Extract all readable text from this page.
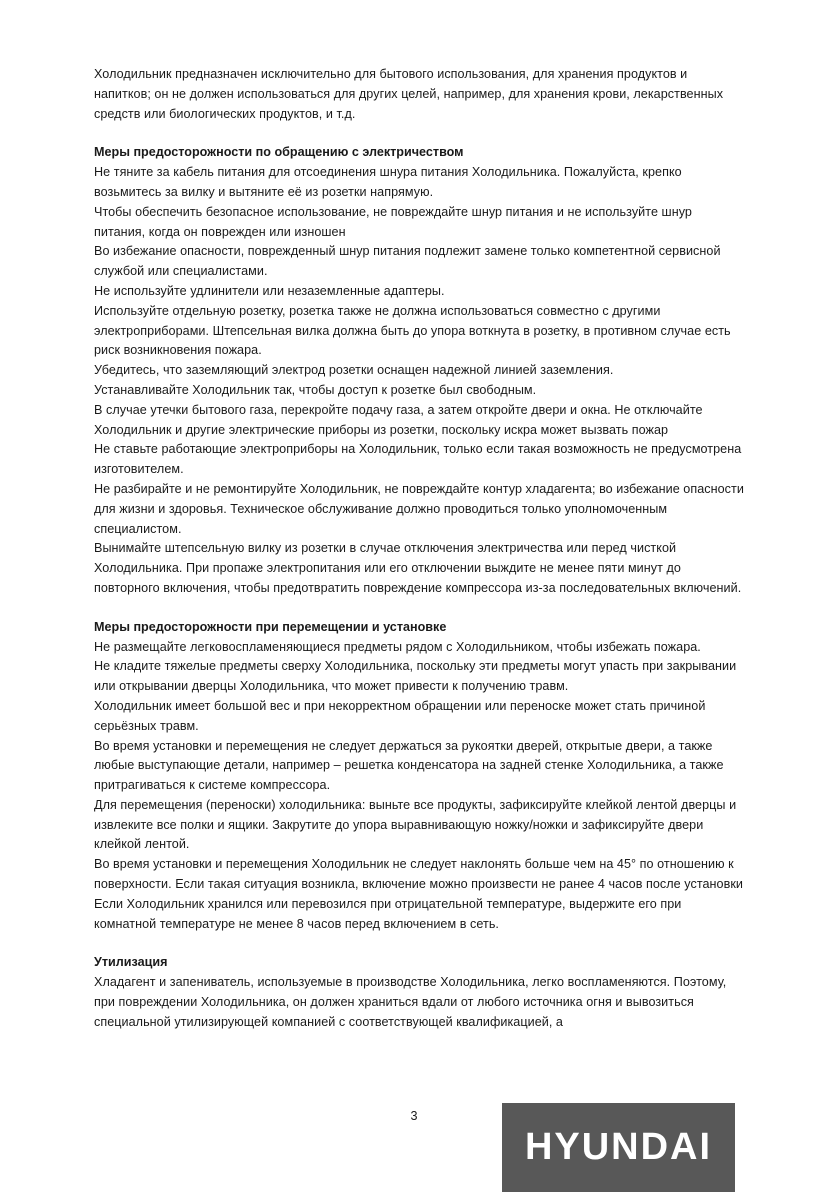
Холодильник предназначен исключительно для бытового использования, для хранения продуктов и напитков; он не должен использоваться для других целей, например, для хранения крови, лекарственных средств или биологических продуктов, и т.д.

Меры предосторожности по обращению с электричеством

Не тяните за кабель питания для отсоединения шнура питания Холодильника. Пожалуйста, крепко возьмитесь за вилку и вытяните её из розетки напрямую.

Чтобы обеспечить безопасное использование, не повреждайте шнур питания и не используйте шнур питания, когда он поврежден или изношен

Во избежание опасности, поврежденный шнур питания подлежит замене только компетентной сервисной службой или специалистами.

Не используйте удлинители или незаземленные адаптеры.

Используйте отдельную розетку, розетка также не должна использоваться совместно с другими электроприборами. Штепсельная вилка должна быть до упора воткнута в розетку, в противном случае есть риск возникновения пожара.

Убедитесь, что заземляющий электрод розетки оснащен надежной линией заземления.

Устанавливайте Холодильник так, чтобы доступ к розетке был свободным.

В случае утечки бытового газа, перекройте подачу газа, а затем откройте двери и окна. Не отключайте Холодильник и другие электрические приборы из розетки, поскольку искра может вызвать пожар

Не ставьте работающие электроприборы на Холодильник, только если такая возможность не предусмотрена изготовителем.

Не разбирайте и не ремонтируйте Холодильник, не повреждайте контур хладагента; во избежание опасности для жизни и здоровья. Техническое обслуживание должно проводиться только уполномоченным специалистом.

Вынимайте штепсельную вилку из розетки в случае отключения электричества или перед чисткой Холодильника. При пропаже электропитания или его отключении выждите не менее пяти минут до повторного включения, чтобы предотвратить повреждение компрессора из-за последовательных включений.

Меры предосторожности при перемещении и установке

Не размещайте легковоспламеняющиеся предметы рядом с Холодильником, чтобы избежать пожара.

Не кладите тяжелые предметы сверху Холодильника, поскольку эти предметы могут упасть при закрывании или открывании дверцы Холодильника, что может привести к получению травм.

Холодильник имеет большой вес и при некорректном обращении или переноске может стать причиной серьёзных травм.

Во время установки и перемещения не следует держаться за рукоятки дверей, открытые двери, а также любые выступающие детали, например – решетка конденсатора на задней стенке Холодильника, а также притрагиваться к системе компрессора.

Для перемещения (переноски) холодильника: выньте все продукты, зафиксируйте клейкой лентой дверцы и извлеките все полки и ящики. Закрутите до упора выравнивающую ножку/ножки и зафиксируйте двери клейкой лентой.

Во время установки и перемещения Холодильник не следует наклонять больше чем на 45° по отношению к поверхности. Если такая ситуация возникла, включение можно произвести не ранее 4 часов после установки

Если Холодильник хранился или перевозился при отрицательной температуре, выдержите его при комнатной температуре не менее 8 часов перед включением в сеть.

Утилизация

Хладагент и запениватель, используемые в производстве Холодильника, легко воспламеняются. Поэтому, при повреждении Холодильника, он должен храниться вдали от любого источника огня и вывозиться специальной утилизирующей компанией с соответствующей квалификацией, а

3
HYUNDAI
